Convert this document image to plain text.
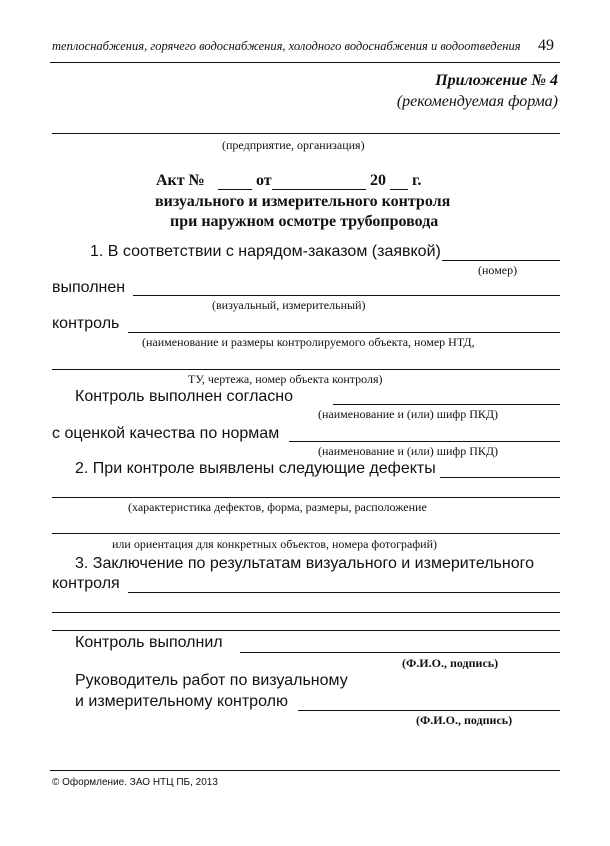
теплоснабжения, горячего водоснабжения, холодного водоснабжения и водоотведения 49
Приложение № 4
(рекомендуемая форма)
(предприятие, организация)
Акт №	от	20 г.
визуального и измерительного контроля
при наружном осмотре трубопровода
1. В соответствии с нарядом-заказом (заявкой)
(номер)
выполнен
(визуальный, измерительный)
контроль
(наименование и размеры контролируемого объекта, номер НТД,
ТУ, чертежа, номер объекта контроля)
Контроль выполнен согласно
(наименование и (или) шифр ПКД)
с оценкой качества по нормам
(наименование и (или) шифр ПКД)
2. При контроле выявлены следующие дефекты
(характеристика дефектов, форма, размеры, расположение
или ориентация для конкретных объектов, номера фотографий)
3. Заключение по результатам визуального и измерительного
контроля
Контроль выполнил
(Ф.И.О., подпись)
Руководитель работ по визуальному
и измерительному контролю
(Ф.И.О., подпись)
© Оформление. ЗАО НТЦ ПБ, 2013
